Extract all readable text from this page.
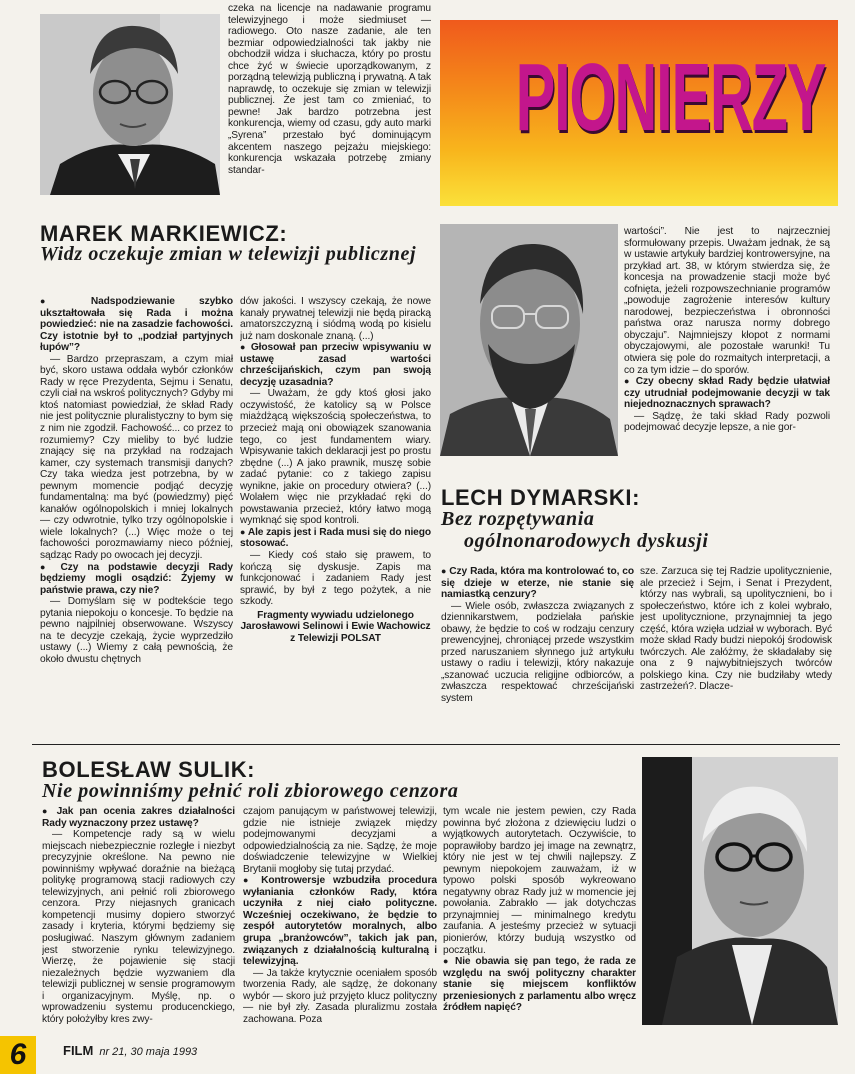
czeka na licencje na nadawanie programu telewizyjnego i może siedmiuset — radiowego. Oto nasze zadanie, ale ten bezmiar odpowiedzialności tak jakby nie obchodził widza i słuchacza, który po prostu chce żyć w świecie uporządkowanym, z porządną telewizją publiczną i prywatną. A tak naprawdę, to oczekuje się zmian w telewizji publicznej. Że jest tam co zmieniać, to pewne! Jak bardzo potrzebna jest konkurencja, wiemy od czasu, gdy auto marki „Syrena” przestało być dominującym akcentem naszego pejzażu miejskiego: konkurencja wskazała potrzebę zmiany standar-

PIONIERZY
MAREK MARKIEWICZ:
Widz oczekuje zmian w telewizji publicznej

● Nadspodziewanie szybko ukształtowała się Rada i można powiedzieć: nie na zasadzie fachowości. Czy istotnie był to „podział partyjnych łupów”?

— Bardzo przepraszam, a czym miał być, skoro ustawa oddała wybór członków Rady w ręce Prezydenta, Sejmu i Senatu, czyli ciał na wskroś politycznych? Gdyby mi ktoś natomiast powiedział, że skład Rady nie jest politycznie pluralistyczny to bym się z nim nie zgodził. Fachowość... co przez to rozumiemy? Czy mieliby to być ludzie znający się na przykład na rodzajach kamer, czy systemach transmisji danych? Czy taka wiedza jest potrzebna, by w pewnym momencie podjąć decyzję fundamentalną: ma być (powiedzmy) pięć kanałów ogólnopolskich i mniej lokalnych — czy odwrotnie, tylko trzy ogólnopolskie i wiele lokalnych? (...) Więc może o tej fachowości porozmawiamy nieco później, sądząc Rady po owocach jej decyzji.

● Czy na podstawie decyzji Rady będziemy mogli osądzić: Żyjemy w państwie prawa, czy nie?

— Domyślam się w podtekście tego pytania niepokoju o koncesje. To będzie na pewno najpilniej obserwowane. Wszyscy na te decyzje czekają, życie wyprzedziło ustawy (...) Wiemy z całą pewnością, że około dwustu chętnych

dów jakości. I wszyscy czekają, że nowe kanały prywatnej telewizji nie będą piracką amatorszczyzną i siódmą wodą po kisielu już nam doskonale znaną. (...)

● Głosował pan przeciw wpisywaniu w ustawę zasad wartości chrześcijańskich, czym pan swoją decyzję uzasadnia?

— Uważam, że gdy ktoś głosi jako oczywistość, że katolicy są w Polsce miażdżącą większością społeczeństwa, to przecież mają oni obowiązek szanowania tego, co jest fundamentem wiary. Wpisywanie takich deklaracji jest po prostu zbędne (...) A jako prawnik, muszę sobie zadać pytanie: co z takiego zapisu wynikne, jakie on procedury otwiera? (...) Wolałem więc nie przykładać ręki do powstawania przecież, który łatwo mogą wymknąć się spod kontroli.

● Ale zapis jest i Rada musi się do niego stosować.

— Kiedy coś stało się prawem, to kończą się dyskusje. Zapis ma funkcjonować i zadaniem Rady jest sprawić, by był z tego pożytek, a nie szkody.

Fragmenty wywiadu udzielonego Jarosławowi Selinowi i Ewie Wachowicz z Telewizji POLSAT

wartości”. Nie jest to najrzeczniej sformułowany przepis. Uważam jednak, że są w ustawie artykuły bardziej kontrowersyjne, na przykład art. 38, w którym stwierdza się, że koncesja na prowadzenie stacji może być cofnięta, jeżeli rozpowszechnianie programów „powoduje zagrożenie interesów kultury narodowej, bezpieczeństwa i obronności państwa oraz narusza normy dobrego obyczaju”. Najmniejszy kłopot z normami obyczajowymi, ale pozostałe warunki! Tu otwiera się pole do rozmaitych interpretacji, a co za tym idzie – do sporów.

● Czy obecny skład Rady będzie ułatwiał czy utrudniał podejmowanie decyzji w tak niejednoznacznych sprawach?

— Sądzę, że taki skład Rady pozwoli podejmować decyzje lepsze, a nie gor-

LECH DYMARSKI:
Bez rozpętywania
ogólnonarodowych dyskusji

● Czy Rada, która ma kontrolować to, co się dzieje w eterze, nie stanie się namiastką cenzury?

— Wiele osób, zwłaszcza związanych z dziennikarstwem, podzielała pańskie obawy, że będzie to coś w rodzaju cenzury prewencyjnej, chroniącej przede wszystkim przed naruszaniem słynnego już artykułu ustawy o radiu i telewizji, który nakazuje „szanować uczucia religijne odbiorców, a zwłaszcza respektować chrześcijański system

sze. Zarzuca się tej Radzie upolitycznienie, ale przecież i Sejm, i Senat i Prezydent, którzy nas wybrali, są upolitycznieni, bo i społeczeństwo, które ich z kolei wybrało, jest upolitycznione, przynajmniej ta jego część, która wzięła udział w wyborach. Być może skład Rady budzi niepokój środowisk twórczych. Ale załóżmy, że składałaby się ona z 9 najwybitniejszych twórców polskiego kina. Czy nie budziłaby wtedy zastrzeżeń?. Dlacze-

BOLESŁAW SULIK:
Nie powinniśmy pełnić roli zbiorowego cenzora

● Jak pan ocenia zakres działalności Rady wyznaczony przez ustawę?

— Kompetencje rady są w wielu miejscach niebezpiecznie rozległe i niezbyt precyzyjnie określone. Na pewno nie powinniśmy wpływać doraźnie na bieżącą politykę programową stacji radiowych czy telewizyjnych, ani pełnić roli zbiorowego cenzora. Przy niejasnych granicach kompetencji musimy dopiero stworzyć zasady i kryteria, którymi będziemy się posługiwać. Naszym głównym zadaniem jest stworzenie rynku telewizyjnego. Wierzę, że pojawienie się stacji niezależnych będzie wyzwaniem dla telewizji publicznej w sensie programowym i organizacyjnym. Myślę, np. o wprowadzeniu systemu producenckiego, który położyłby kres zwy-

czajom panującym w państwowej telewizji, gdzie nie istnieje związek między podejmowanymi decyzjami a odpowiedzialnością za nie. Sądzę, że moje doświadczenie telewizyjne w Wielkiej Brytanii mogłoby się tutaj przydać.

● Kontrowersje wzbudziła procedura wyłaniania członków Rady, która uczyniła z niej ciało polityczne. Wcześniej oczekiwano, że będzie to zespół autorytetów moralnych, albo grupa „branżowców”, takich jak pan, związanych z działalnością kulturalną i telewizyjną.

— Ja także krytycznie oceniałem sposób tworzenia Rady, ale sądzę, że dokonany wybór — skoro już przyjęto klucz polityczny — nie był zły. Zasada pluralizmu została zachowana. Poza

tym wcale nie jestem pewien, czy Rada powinna być złożona z dziewięciu ludzi o wyjątkowych autorytetach. Oczywiście, to poprawiłoby bardzo jej image na zewnątrz, który nie jest w tej chwili najlepszy. Z pewnym niepokojem zauważam, iż w typowo polski sposób wykreowano negatywny obraz Rady już w momencie jej powołania. Zabrakło — jak dotychczas przynajmniej — minimalnego kredytu zaufania. A jesteśmy przecież w sytuacji pionierów, którzy budują wszystko od początku.

● Nie obawia się pan tego, że rada ze względu na swój polityczny charakter stanie się miejscem konfliktów przeniesionych z parlamentu albo wręcz źródłem napięć?

6	FILM nr 21, 30 maja 1993
